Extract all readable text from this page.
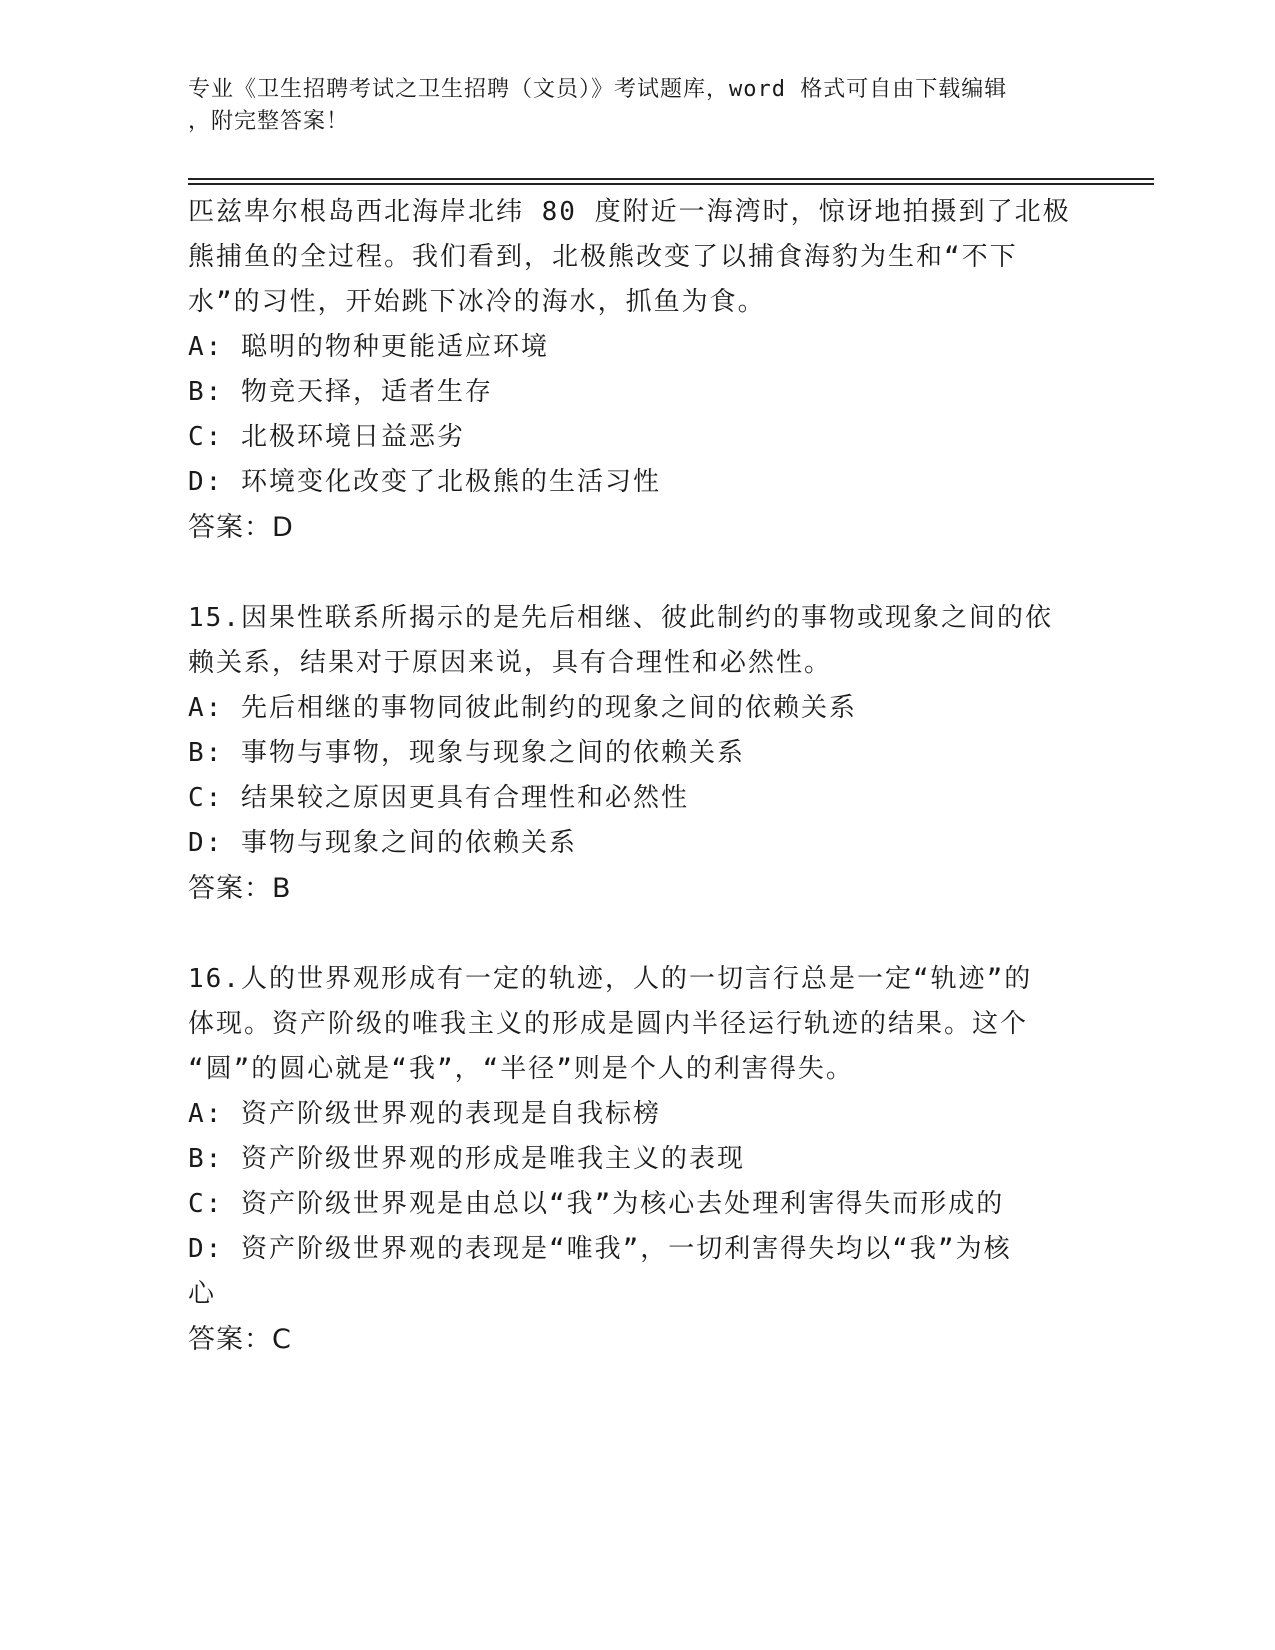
专业《卫生招聘考试之卫生招聘（文员）》考试题库，word 格式可自由下载编辑
，附完整答案！
匹兹卑尔根岛西北海岸北纬 80 度附近一海湾时，惊讶地拍摄到了北极
熊捕鱼的全过程。我们看到，北极熊改变了以捕食海豹为生和“不下
水”的习性，开始跳下冰冷的海水，抓鱼为食。
A: 聪明的物种更能适应环境
B: 物竞天择，适者生存
C: 北极环境日益恶劣
D: 环境变化改变了北极熊的生活习性
答案：D
15.因果性联系所揭示的是先后相继、彼此制约的事物或现象之间的依
赖关系，结果对于原因来说，具有合理性和必然性。
A: 先后相继的事物同彼此制约的现象之间的依赖关系
B: 事物与事物，现象与现象之间的依赖关系
C: 结果较之原因更具有合理性和必然性
D: 事物与现象之间的依赖关系
答案：B
16.人的世界观形成有一定的轨迹，人的一切言行总是一定“轨迹”的
体现。资产阶级的唯我主义的形成是圆内半径运行轨迹的结果。这个
“圆”的圆心就是“我”，“半径”则是个人的利害得失。
A: 资产阶级世界观的表现是自我标榜
B: 资产阶级世界观的形成是唯我主义的表现
C: 资产阶级世界观是由总以“我”为核心去处理利害得失而形成的
D: 资产阶级世界观的表现是“唯我”，一切利害得失均以“我”为核
心
答案：C
